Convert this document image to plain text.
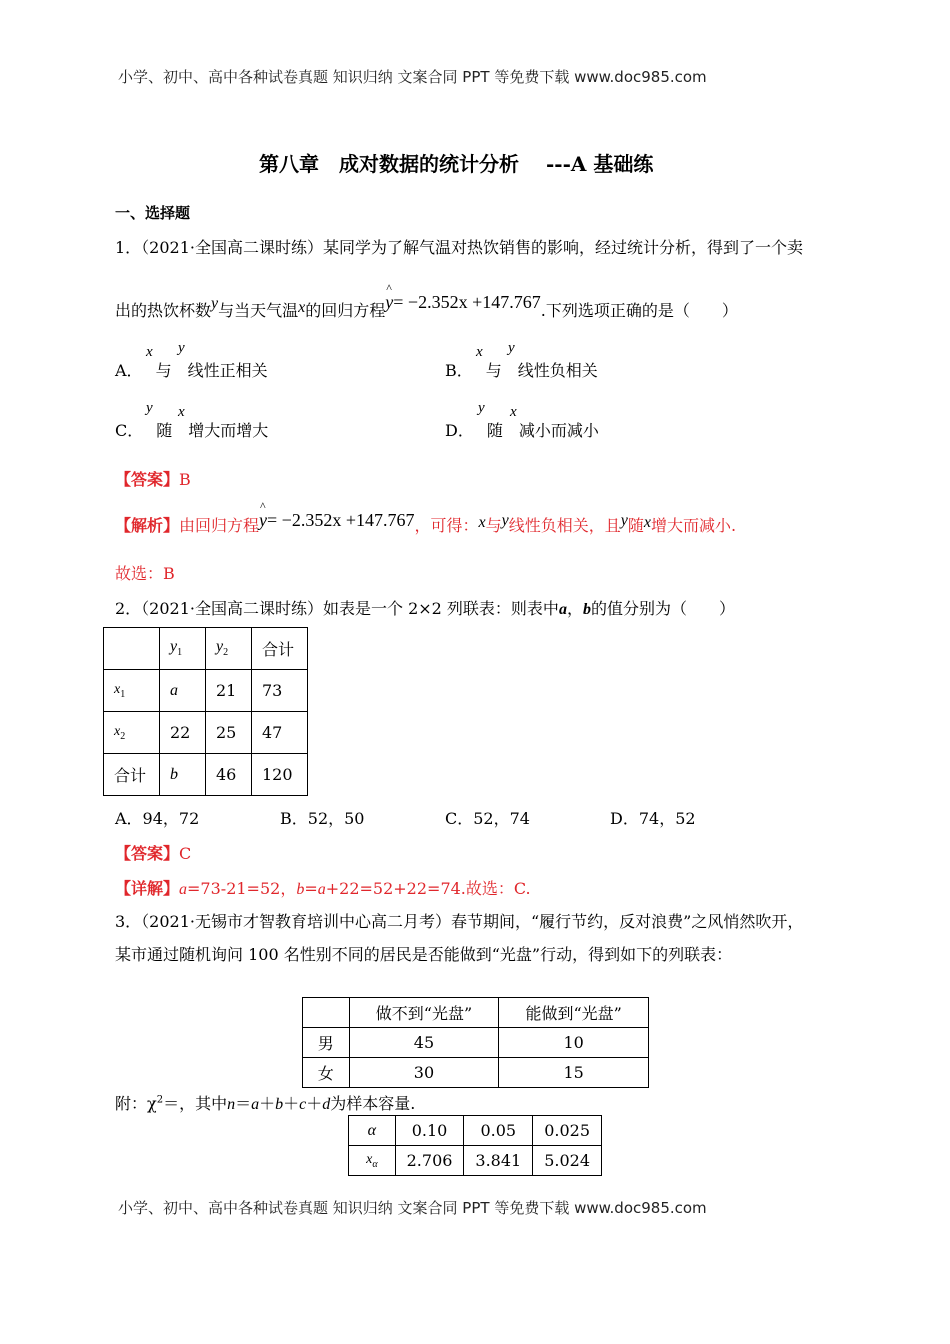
小学、初中、高中各种试卷真题 知识归纳 文案合同 PPT 等免费下载 www.doc985.com
第八章　成对数据的统计分析　 ---A 基础练
一、选择题
1．（2021·全国高二课时练）某同学为了解气温对热饮销售的影响，经过统计分析，得到了一个卖
出的热饮杯数y与当天气温x的回归方程y
^
= −2.352x +147.767.下列选项正确的是（　　）
A．
x
与
y
线性正相关	B．
x
与
y
线性负相关
C．
y
随
x
增大而增大	D．
y
随
x
减小而减小
【答案】B
【解析】由回归方程y
^
= −2.352x +147.767，可得：x与y线性负相关，且y随x增大而减小.
故选：B
2．（2021·全国高二课时练）如表是一个 2×2 列联表：则表中a，b的值分别为（　　）
	$y_1$	$y_2$	合计
$x_1$	a	21	73
$x_2$	22	25	47
合计	b	46	120
A．94，72	B．52，50	C．52，74	D．74，52
【答案】C
【详解】a=73-21=52，b=a+22=52+22=74.故选：C.
3．（2021·无锡市才智教育培训中心高二月考）春节期间，“履行节约，反对浪费”之风悄然吹开，
某市通过随机询问 100 名性别不同的居民是否能做到“光盘”行动，得到如下的列联表：
	做不到“光盘”	能做到“光盘”
男	45	10
女	30	15
附：$\chi^2=$，其中n＝a＋b＋c＋d为样本容量.
α	0.10	0.05	0.025
$x_\alpha$	2.706	3.841	5.024
小学、初中、高中各种试卷真题 知识归纳 文案合同 PPT 等免费下载 www.doc985.com
